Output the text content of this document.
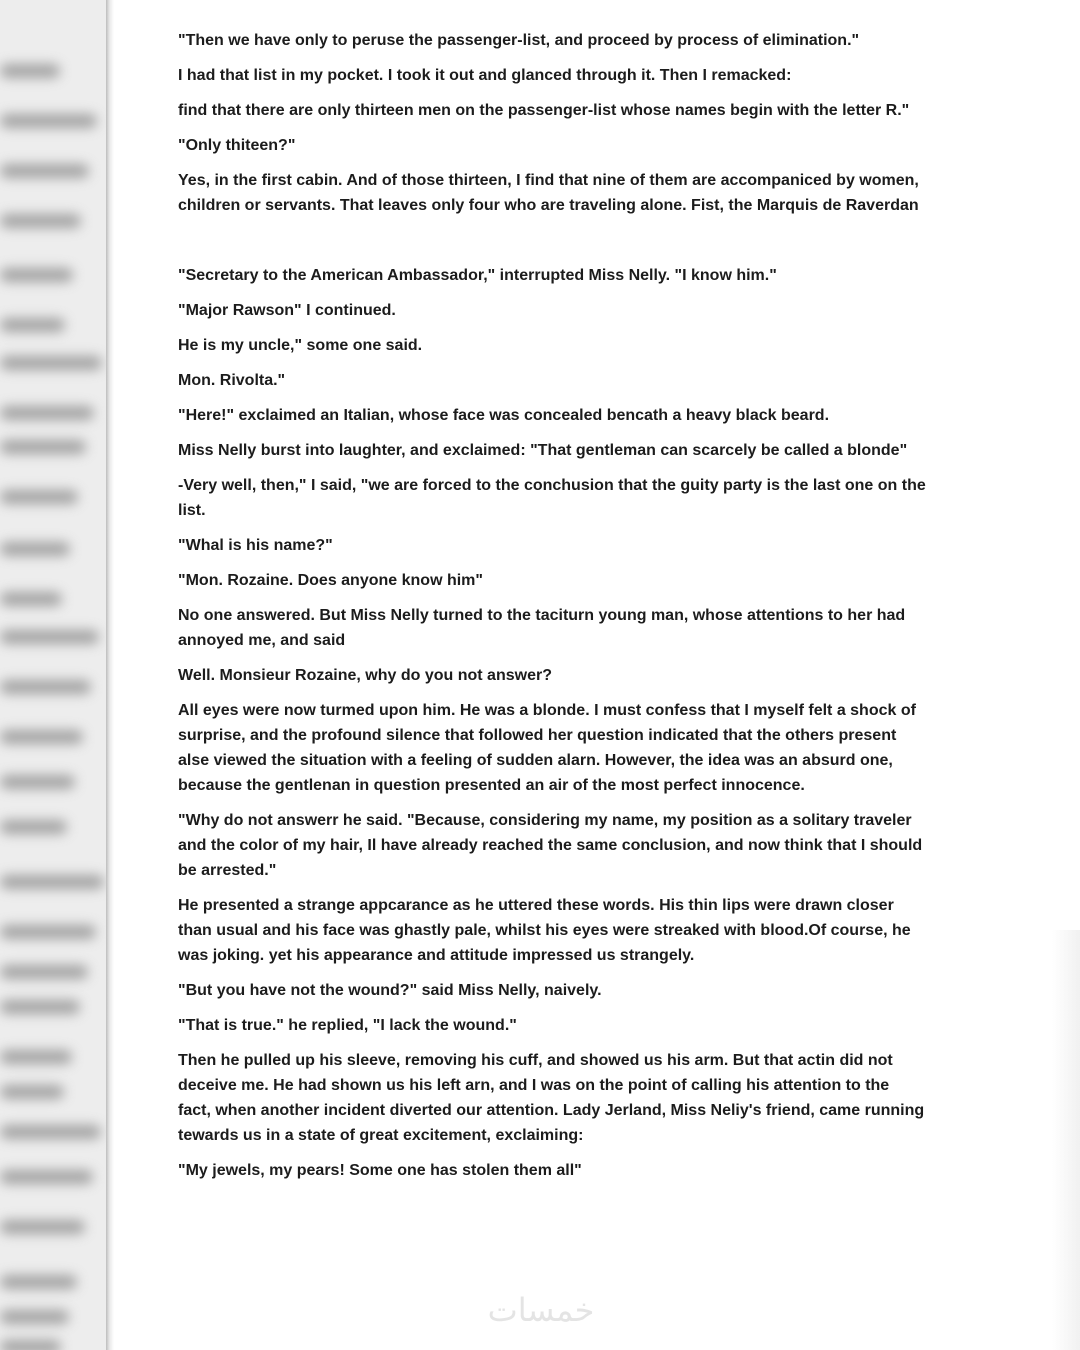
"Then we have only to peruse the passenger-list, and proceed by process of elimination."

I had that list in my pocket. I took it out and glanced through it. Then I remacked:

find that there are only thirteen men on the passenger-list whose names begin with the letter R."

"Only thiteen?"

Yes, in the first cabin. And of those thirteen, I find that nine of them are accompaniced by women, children or servants. That leaves only four who are traveling alone. Fist, the Marquis de Raverdan

"Secretary to the American Ambassador," interrupted Miss Nelly. "I know him."

"Major Rawson" I continued.

He is my uncle," some one said.

Mon. Rivolta."

"Here!" exclaimed an Italian, whose face was concealed bencath a heavy black beard.

Miss Nelly burst into laughter, and exclaimed: "That gentleman can scarcely be called a blonde"

-Very well, then," I said, "we are forced to the conchusion that the guity party is the last one on the list.

"Whal is his name?"

"Mon. Rozaine. Does anyone know him"

No one answered. But Miss Nelly turned to the taciturn young man, whose attentions to her had annoyed me, and said

Well. Monsieur Rozaine, why do you not answer?

All eyes were now turmed upon him. He was a blonde. I must confess that I myself felt a shock of surprise, and the profound silence that followed her question indicated that the others present alse viewed the situation with a feeling of sudden alarn. However, the idea was an absurd one, because the gentlenan in question presented an air of the most perfect innocence.

"Why do not answerr he said. "Because, considering my name, my position as a solitary traveler and the color of my hair, Il have already reached the same conclusion, and now think that I should be arrested."

He presented a strange appcarance as he uttered these words. His thin lips were drawn closer than usual and his face was ghastly pale, whilst his eyes were streaked with blood.Of course, he was joking. yet his appearance and attitude impressed us strangely.

"But you have not the wound?" said Miss Nelly, naively.

"That is true." he replied, "I lack the wound."

Then he pulled up his sleeve, removing his cuff, and showed us his arm. But that actin did not deceive me. He had shown us his left arn, and I was on the point of calling his attention to the fact, when another incident diverted our attention. Lady Jerland, Miss Neliy's friend, came running tewards us in a state of great excitement, exclaiming:

"My jewels, my pears! Some one has stolen them all"

خمسات
